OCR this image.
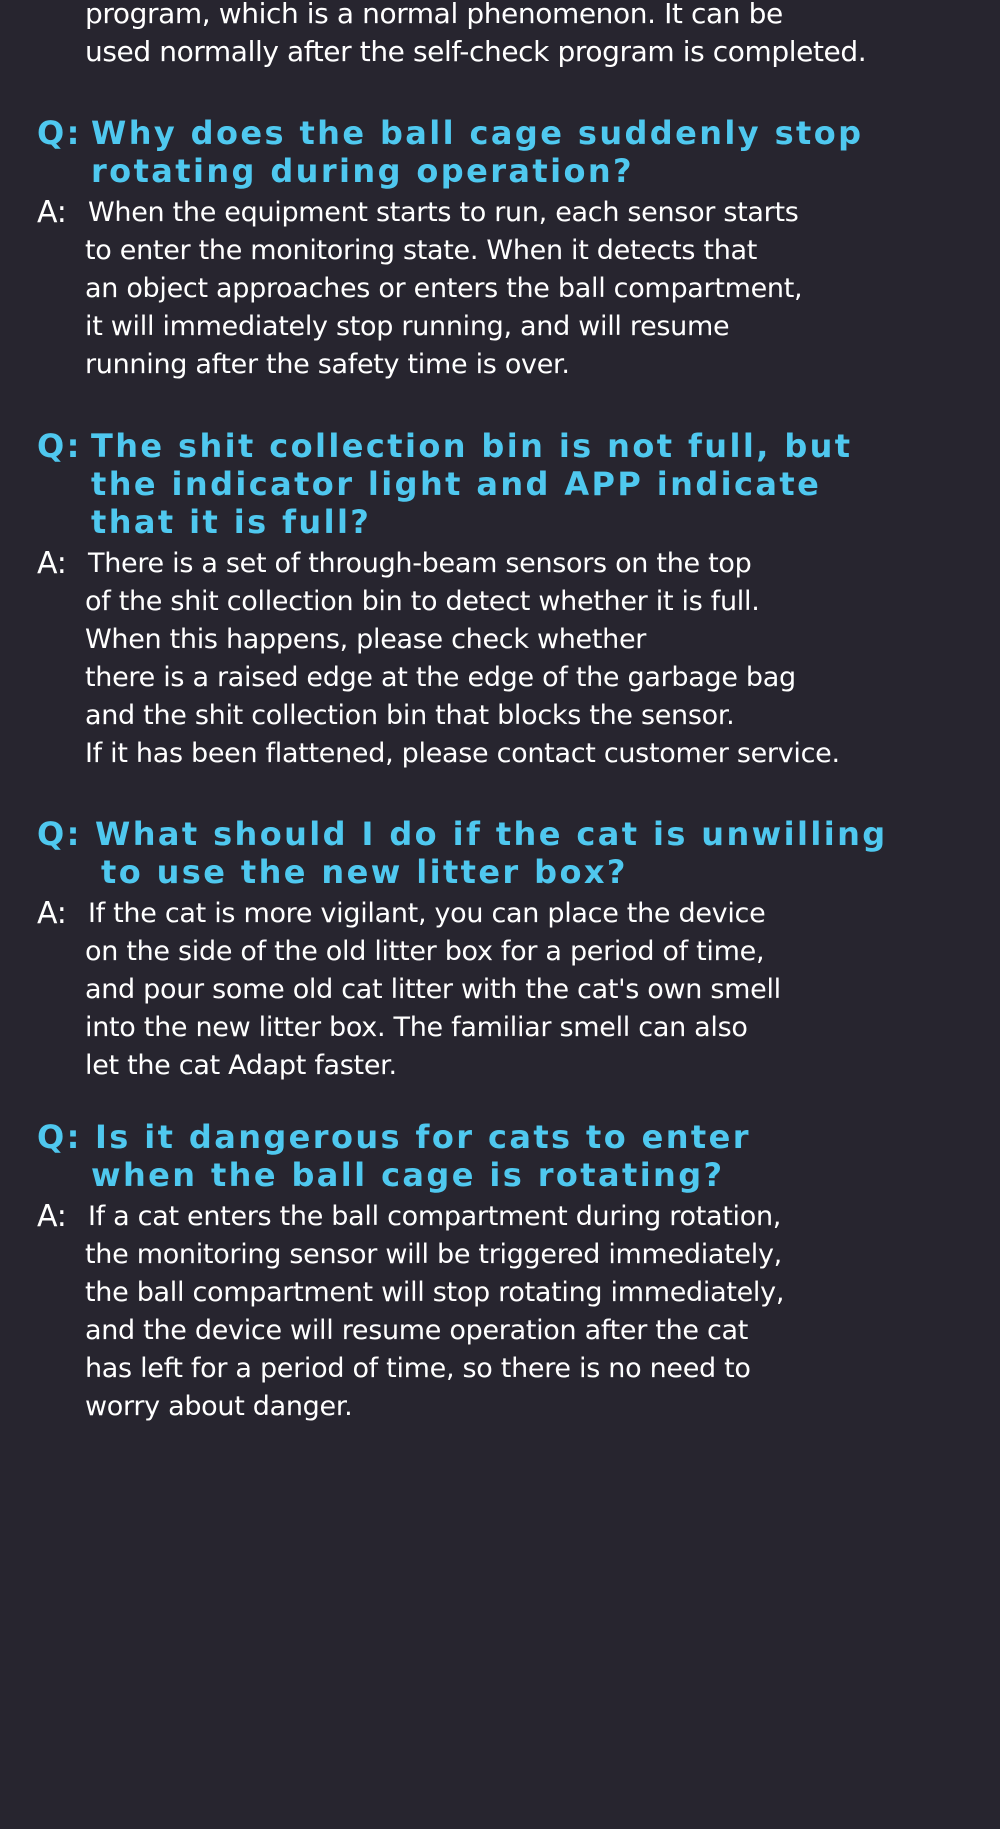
program, which is a normal phenomenon. It can be
used normally after the self-check program is completed.
Q: Why does the ball cage suddenly stop
rotating during operation?
A: When the equipment starts to run, each sensor starts
to enter the monitoring state. When it detects that
an object approaches or enters the ball compartment,
it will immediately stop running, and will resume
running after the safety time is over.
Q: The shit collection bin is not full, but
the indicator light and APP indicate
that it is full?
A: There is a set of through-beam sensors on the top
of the shit collection bin to detect whether it is full.
When this happens, please check whether
there is a raised edge at the edge of the garbage bag
and the shit collection bin that blocks the sensor.
If it has been flattened, please contact customer service.
Q: What should I do if the cat is unwilling
to use the new litter box?
A: If the cat is more vigilant, you can place the device
on the side of the old litter box for a period of time,
and pour some old cat litter with the cat's own smell
into the new litter box. The familiar smell can also
let the cat Adapt faster.
Q: Is it dangerous for cats to enter
when the ball cage is rotating?
A: If a cat enters the ball compartment during rotation,
the monitoring sensor will be triggered immediately,
the ball compartment will stop rotating immediately,
and the device will resume operation after the cat
has left for a period of time, so there is no need to
worry about danger.
